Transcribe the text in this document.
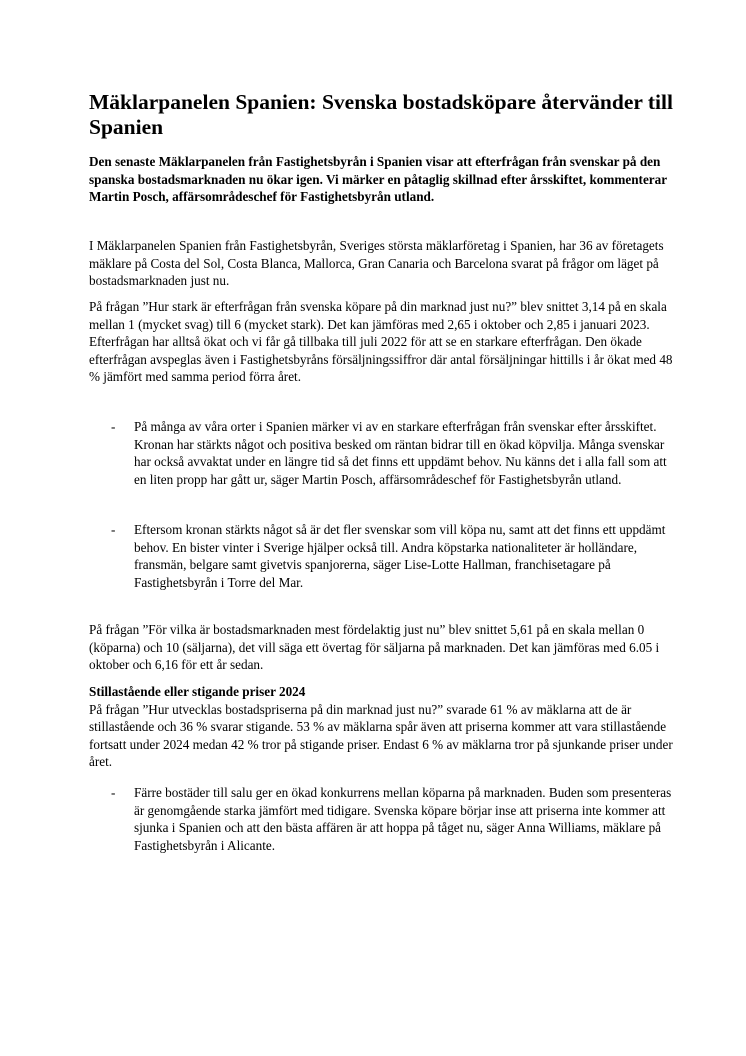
Mäklarpanelen Spanien: Svenska bostadsköpare återvänder till Spanien

Den senaste Mäklarpanelen från Fastighetsbyrån i Spanien visar att efterfrågan från svenskar på den spanska bostadsmarknaden nu ökar igen. Vi märker en påtaglig skillnad efter årsskiftet, kommenterar Martin Posch, affärsområdeschef för Fastighetsbyrån utland.

I Mäklarpanelen Spanien från Fastighetsbyrån, Sveriges största mäklarföretag i Spanien, har 36 av företagets mäklare på Costa del Sol, Costa Blanca, Mallorca, Gran Canaria och Barcelona svarat på frågor om läget på bostadsmarknaden just nu.

På frågan ”Hur stark är efterfrågan från svenska köpare på din marknad just nu?” blev snittet 3,14 på en skala mellan 1 (mycket svag) till 6 (mycket stark). Det kan jämföras med 2,65 i oktober och 2,85 i januari 2023. Efterfrågan har alltså ökat och vi får gå tillbaka till juli 2022 för att se en starkare efterfrågan. Den ökade efterfrågan avspeglas även i Fastighetsbyråns försäljningssiffror där antal försäljningar hittills i år ökat med 48 % jämfört med samma period förra året.

- På många av våra orter i Spanien märker vi av en starkare efterfrågan från svenskar efter årsskiftet. Kronan har stärkts något och positiva besked om räntan bidrar till en ökad köpvilja. Många svenskar har också avvaktat under en längre tid så det finns ett uppdämt behov. Nu känns det i alla fall som att en liten propp har gått ur, säger Martin Posch, affärsområdeschef för Fastighetsbyrån utland.
- Eftersom kronan stärkts något så är det fler svenskar som vill köpa nu, samt att det finns ett uppdämt behov. En bister vinter i Sverige hjälper också till. Andra köpstarka nationaliteter är holländare, fransmän, belgare samt givetvis spanjorerna, säger Lise-Lotte Hallman, franchisetagare på Fastighetsbyrån i Torre del Mar.

På frågan ”För vilka är bostadsmarknaden mest fördelaktig just nu” blev snittet 5,61 på en skala mellan 0 (köparna) och 10 (säljarna), det vill säga ett övertag för säljarna på marknaden. Det kan jämföras med 6.05 i oktober och 6,16 för ett år sedan.

Stillastående eller stigande priser 2024
På frågan ”Hur utvecklas bostadspriserna på din marknad just nu?” svarade 61 % av mäklarna att de är stillastående och 36 % svarar stigande. 53 % av mäklarna spår även att priserna kommer att vara stillastående fortsatt under 2024 medan 42 % tror på stigande priser. Endast 6 % av mäklarna tror på sjunkande priser under året.
- Färre bostäder till salu ger en ökad konkurrens mellan köparna på marknaden. Buden som presenteras är genomgående starka jämfört med tidigare. Svenska köpare börjar inse att priserna inte kommer att sjunka i Spanien och att den bästa affären är att hoppa på tåget nu, säger Anna Williams, mäklare på Fastighetsbyrån i Alicante.
